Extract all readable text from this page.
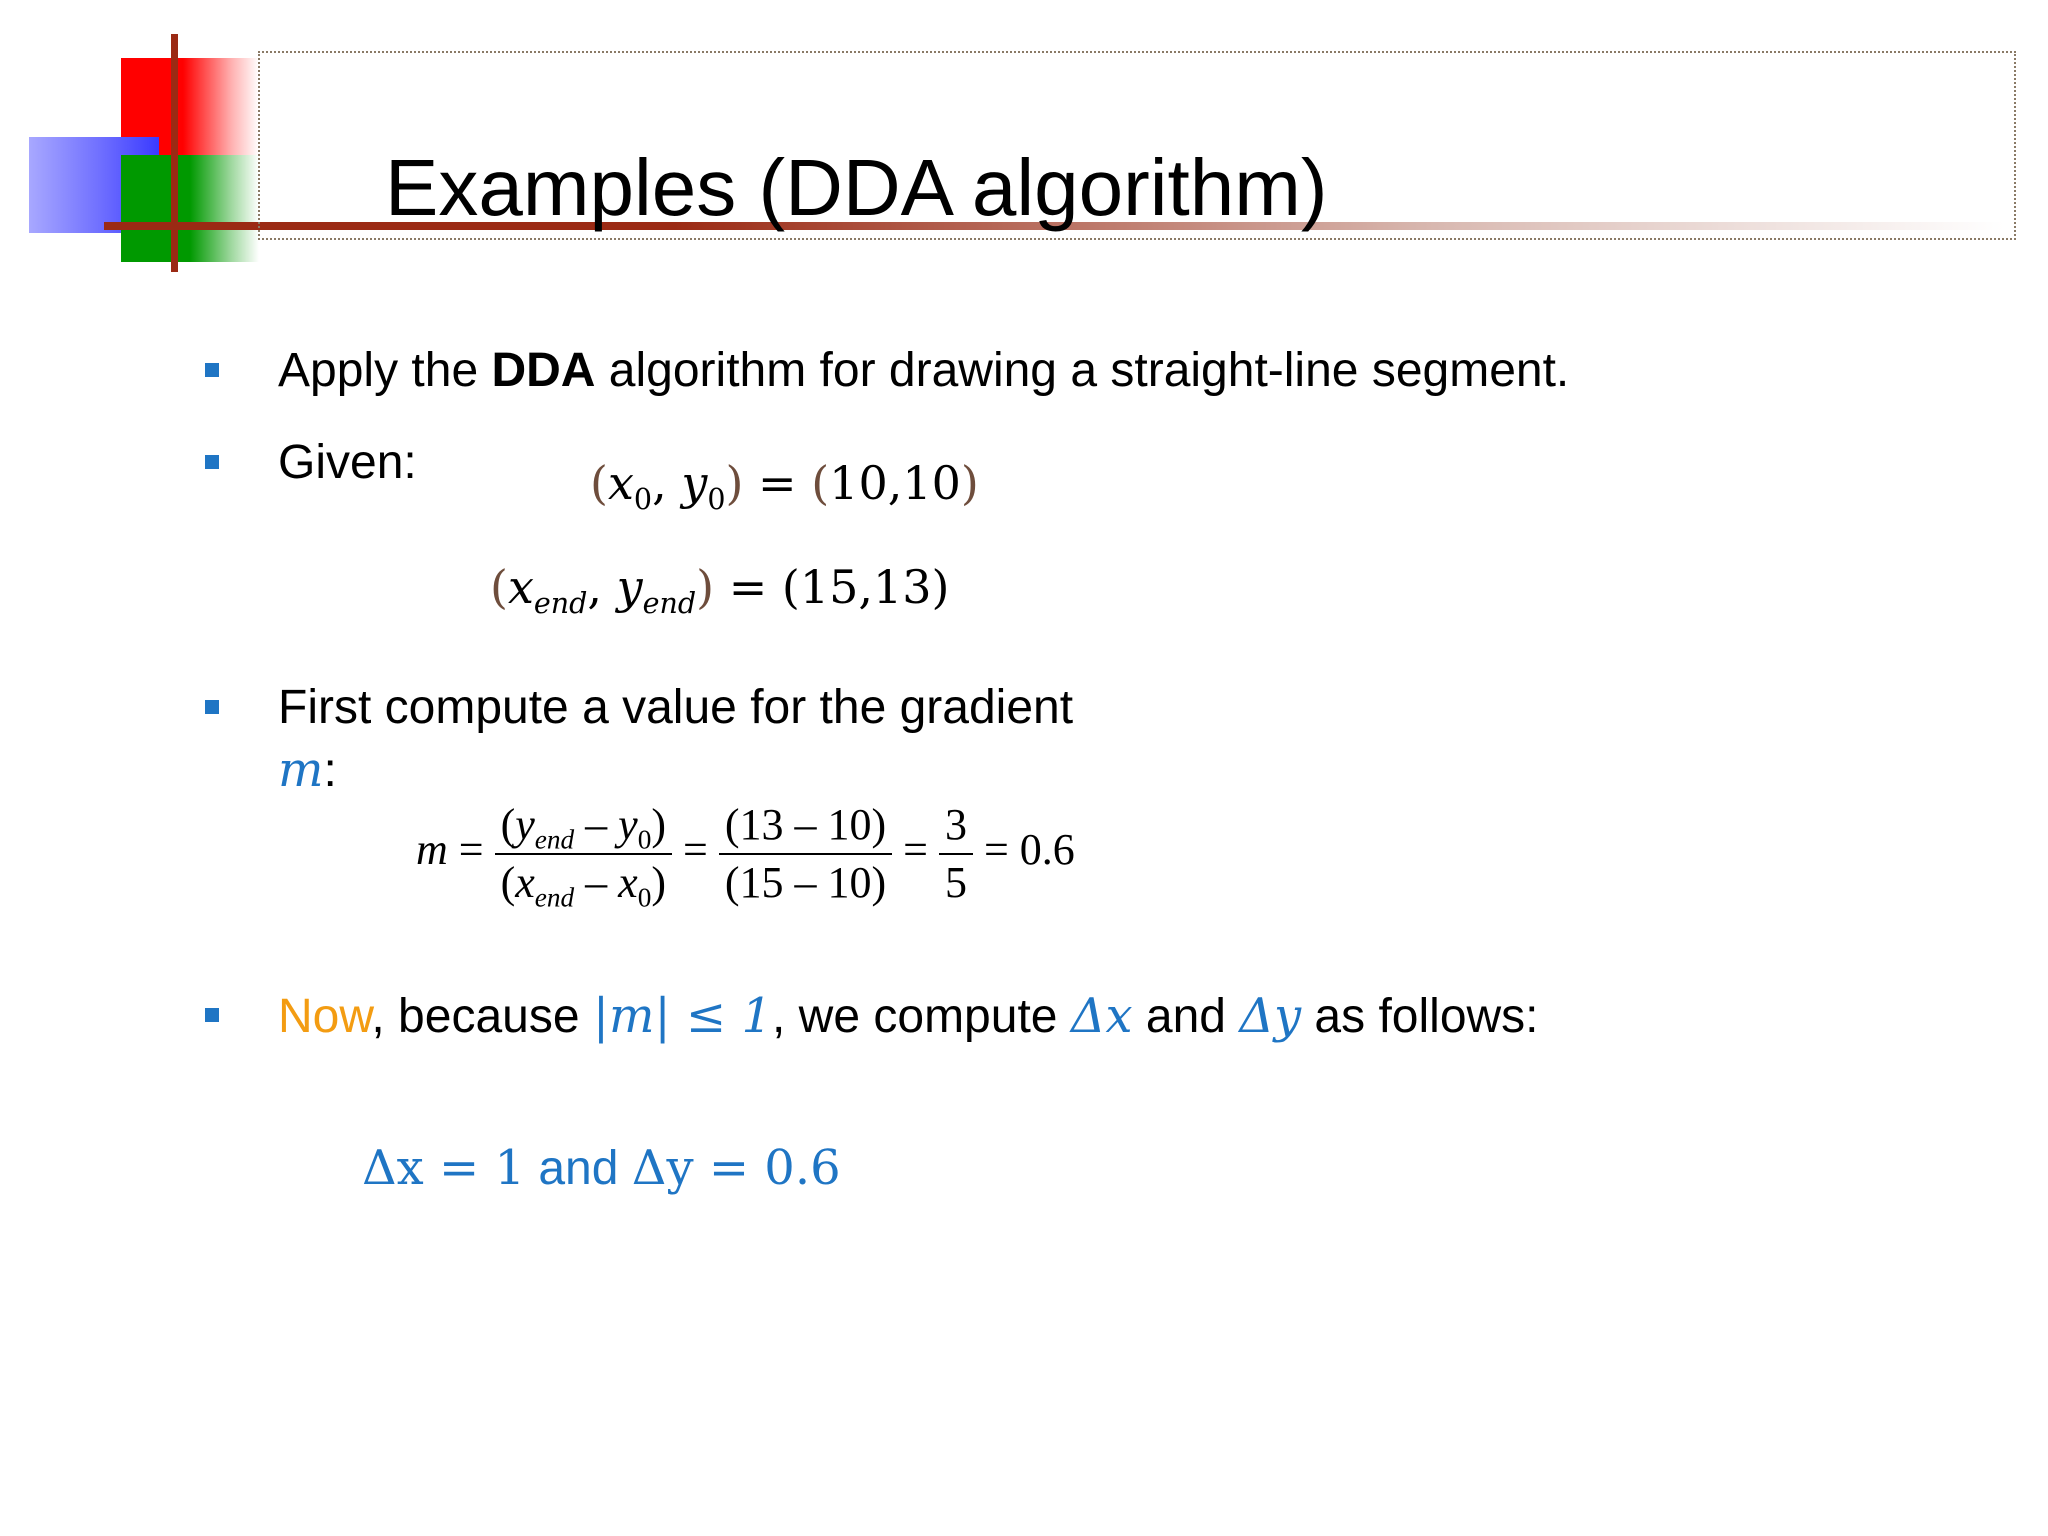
Examples (DDA algorithm)
Apply the DDA algorithm for drawing a straight-line segment.
Given:	($x_0$, $y_0) = (10,10)$
($x_{end}$, $y_{end}) = (15,13)$
First compute a value for the gradient
m:
$m = \frac{(y_{end} - y_0)}{(x_{end} - x_0)} = \frac{(13 - 10)}{(15 - 10)} = \frac{3}{5} = 0.6$
Now, because |m| ≤ 1, we compute Δx and Δy as follows:
Δx = 1 and Δy = 0.6
